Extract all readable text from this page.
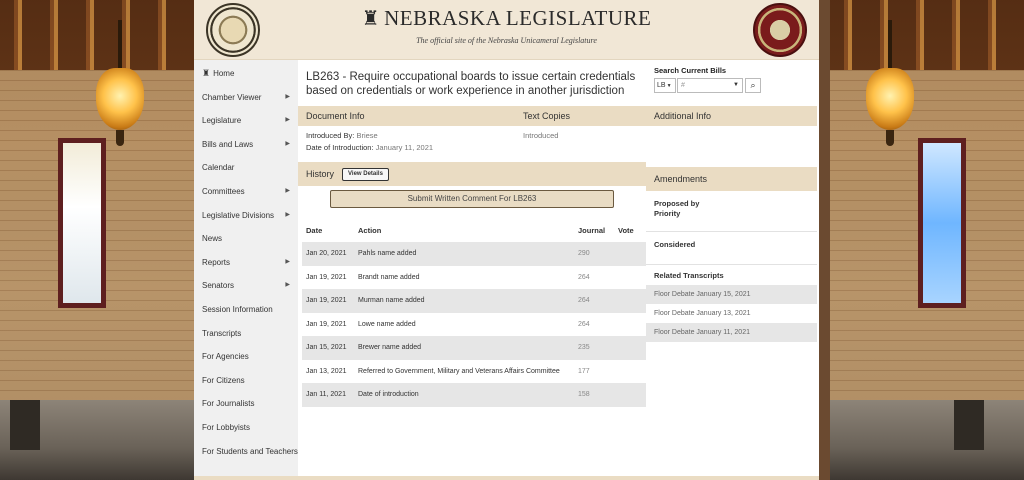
♜ NEBRASKA LEGISLATURE
The official site of the Nebraska Unicameral Legislature
♜ Home
Chamber Viewer	▶
Legislature	▶
Bills and Laws	▶
Calendar
Committees	▶
Legislative Divisions ▶
News
Reports	▶
Senators	▶
Session Information
Transcripts
For Agencies
For Citizens
For Journalists
For Lobbyists
For Students and Teachers
LB263 - Require occupational boards to issue certain credentials based on credentials or work experience in another jurisdiction
Document Info	Text Copies
Introduced By: Briese
Date of Introduction: January 11, 2021
Introduced
History View Details
Submit Written Comment For LB263
Date	Action	Journal	Vote
Jan 20, 2021	Pahls name added	290	
Jan 19, 2021	Brandt name added	264	
Jan 19, 2021	Murman name added	264	
Jan 19, 2021	Lowe name added	264	
Jan 15, 2021	Brewer name added	235	
Jan 13, 2021	Referred to Government, Military and Veterans Affairs Committee	177	
Jan 11, 2021	Date of introduction	158	
Search Current Bills
LB▼	#	▼	⌕
Additional Info
Amendments
Proposed by
Priority
Considered
Related Transcripts
Floor Debate January 15, 2021
Floor Debate January 13, 2021
Floor Debate January 11, 2021
